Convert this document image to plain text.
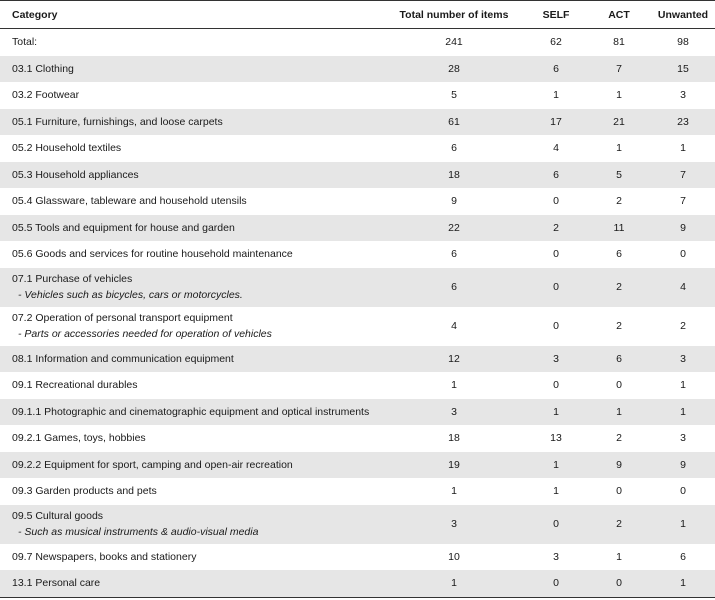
Category	Total number of items	SELF	ACT	Unwanted
Total:	241	62	81	98
03.1 Clothing	28	6	7	15
03.2 Footwear	5	1	1	3
05.1 Furniture, furnishings, and loose carpets	61	17	21	23
05.2 Household textiles	6	4	1	1
05.3 Household appliances	18	6	5	7
05.4 Glassware, tableware and household utensils	9	0	2	7
05.5 Tools and equipment for house and garden	22	2	11	9
05.6 Goods and services for routine household maintenance	6	0	6	0
07.1 Purchase of vehicles
- Vehicles such as bicycles, cars or motorcycles.	6	0	2	4
07.2 Operation of personal transport equipment
- Parts or accessories needed for operation of vehicles	4	0	2	2
08.1 Information and communication equipment	12	3	6	3
09.1 Recreational durables	1	0	0	1
09.1.1 Photographic and cinematographic equipment and optical instruments	3	1	1	1
09.2.1 Games, toys, hobbies	18	13	2	3
09.2.2 Equipment for sport, camping and open-air recreation	19	1	9	9
09.3 Garden products and pets	1	1	0	0
09.5 Cultural goods
- Such as musical instruments & audio-visual media	3	0	2	1
09.7 Newspapers, books and stationery	10	3	1	6
13.1 Personal care	1	0	0	1
